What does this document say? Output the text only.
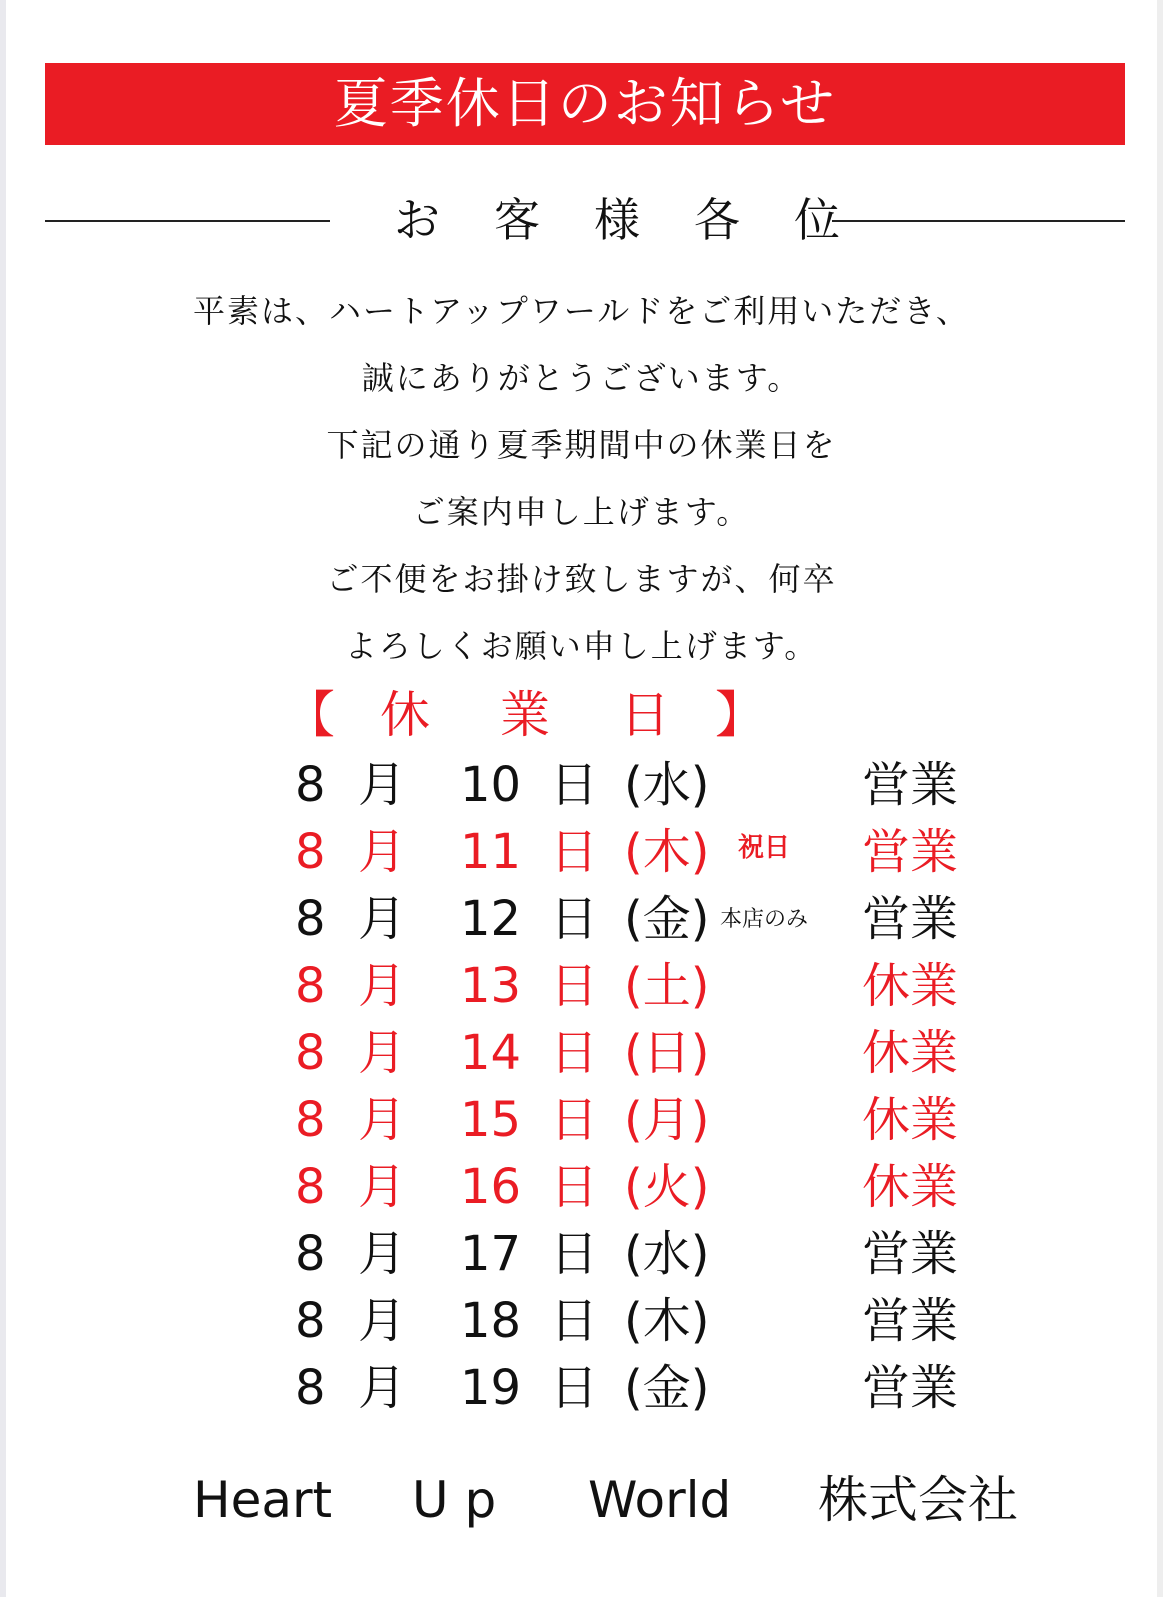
夏季休日のお知らせ
お客様各位
平素は、ハートアップワールドをご利用いただき、
誠にありがとうございます。
下記の通り夏季期間中の休業日を
ご案内申し上げます。
ご不便をお掛け致しますが、何卒
よろしくお願い申し上げます。
【 休 業 日 】
8 月 10 日 (水)	営業
8 月 11 日 (木) 祝日 営業
8 月 12 日 (金) 本店のみ 営業
8 月 13 日 (土)	休業
8 月 14 日 (日)	休業
8 月 15 日 (月)	休業
8 月 16 日 (火)	休業
8 月 17 日 (水)	営業
8 月 18 日 (木)	営業
8 月 19 日 (金)	営業
Heart U p World 株式会社
